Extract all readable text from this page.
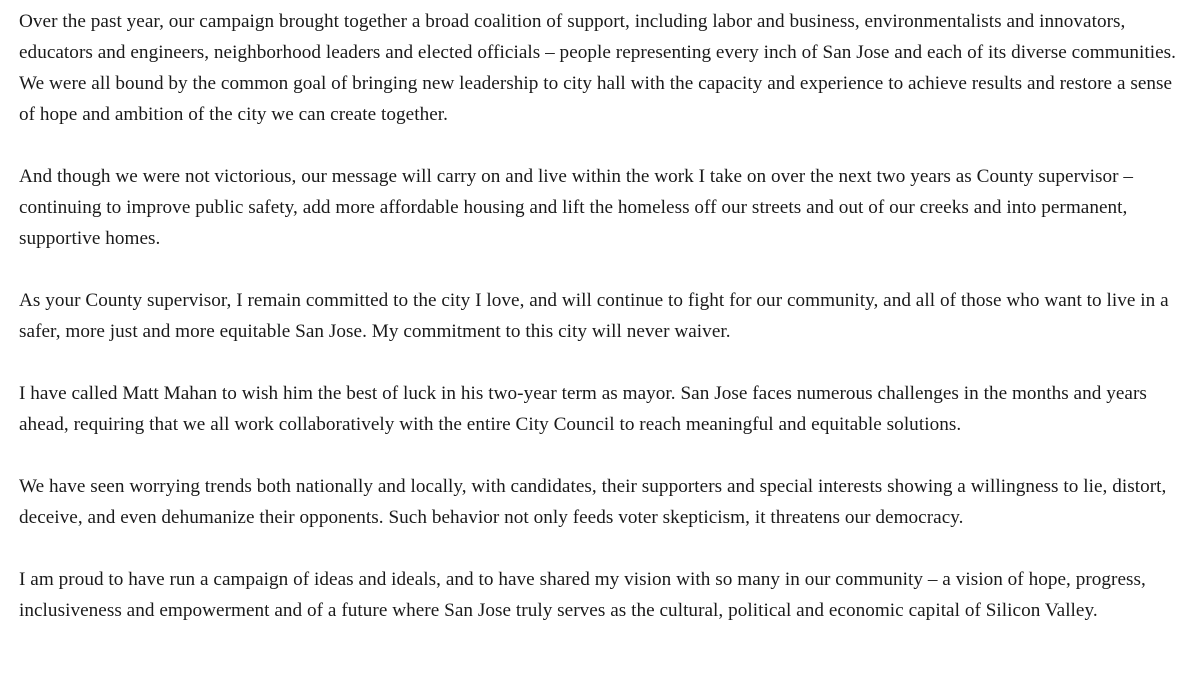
Over the past year, our campaign brought together a broad coalition of support, including labor and business, environmentalists and innovators, educators and engineers, neighborhood leaders and elected officials – people representing every inch of San Jose and each of its diverse communities. We were all bound by the common goal of bringing new leadership to city hall with the capacity and experience to achieve results and restore a sense of hope and ambition of the city we can create together.

And though we were not victorious, our message will carry on and live within the work I take on over the next two years as County supervisor – continuing to improve public safety, add more affordable housing and lift the homeless off our streets and out of our creeks and into permanent, supportive homes.

As your County supervisor, I remain committed to the city I love, and will continue to fight for our community, and all of those who want to live in a safer, more just and more equitable San Jose. My commitment to this city will never waiver.

I have called Matt Mahan to wish him the best of luck in his two-year term as mayor. San Jose faces numerous challenges in the months and years ahead, requiring that we all work collaboratively with the entire City Council to reach meaningful and equitable solutions.

We have seen worrying trends both nationally and locally, with candidates, their supporters and special interests showing a willingness to lie, distort, deceive, and even dehumanize their opponents. Such behavior not only feeds voter skepticism, it threatens our democracy.

I am proud to have run a campaign of ideas and ideals, and to have shared my vision with so many in our community – a vision of hope, progress, inclusiveness and empowerment and of a future where San Jose truly serves as the cultural, political and economic capital of Silicon Valley.
